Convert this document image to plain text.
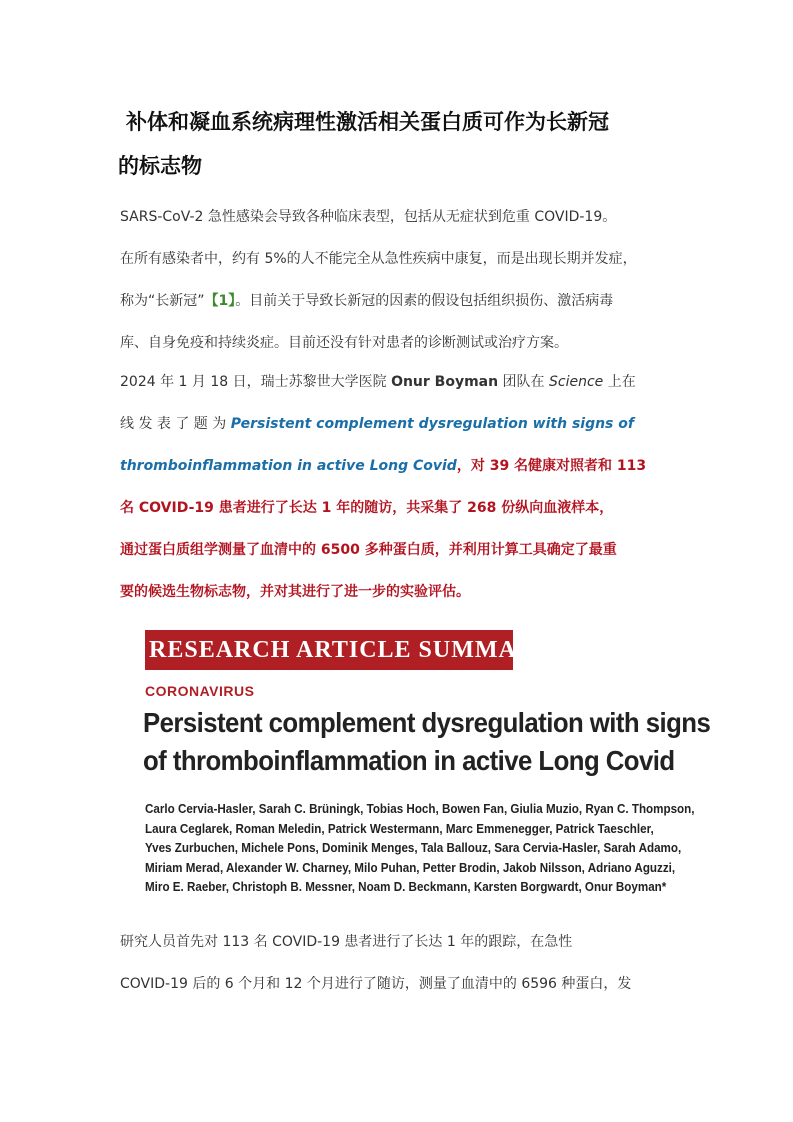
补体和凝血系统病理性激活相关蛋白质可作为长新冠
的标志物
SARS-CoV-2 急性感染会导致各种临床表型，包括从无症状到危重 COVID-19。
在所有感染者中，约有 5%的人不能完全从急性疾病中康复，而是出现长期并发症，
称为“长新冠”【1】。目前关于导致长新冠的因素的假设包括组织损伤、激活病毒
库、自身免疫和持续炎症。目前还没有针对患者的诊断测试或治疗方案。
2024 年 1 月 18 日，瑞士苏黎世大学医院 Onur Boyman 团队在 Science 上在
线 发 表 了 题 为 Persistent complement dysregulation with signs of
thromboinflammation in active Long Covid，对 39 名健康对照者和 113
名 COVID-19 患者进行了长达 1 年的随访，共采集了 268 份纵向血液样本，
通过蛋白质组学测量了血清中的 6500 多种蛋白质，并利用计算工具确定了最重
要的候选生物标志物，并对其进行了进一步的实验评估。
RESEARCH ARTICLE SUMMARY
CORONAVIRUS
Persistent complement dysregulation with signs
of thromboinflammation in active Long Covid
Carlo Cervia-Hasler, Sarah C. Brüningk, Tobias Hoch, Bowen Fan, Giulia Muzio, Ryan C. Thompson,
Laura Ceglarek, Roman Meledin, Patrick Westermann, Marc Emmenegger, Patrick Taeschler,
Yves Zurbuchen, Michele Pons, Dominik Menges, Tala Ballouz, Sara Cervia-Hasler, Sarah Adamo,
Miriam Merad, Alexander W. Charney, Milo Puhan, Petter Brodin, Jakob Nilsson, Adriano Aguzzi,
Miro E. Raeber, Christoph B. Messner, Noam D. Beckmann, Karsten Borgwardt, Onur Boyman*
研究人员首先对 113 名 COVID-19 患者进行了长达 1 年的跟踪，在急性
COVID-19 后的 6 个月和 12 个月进行了随访，测量了血清中的 6596 种蛋白，发
